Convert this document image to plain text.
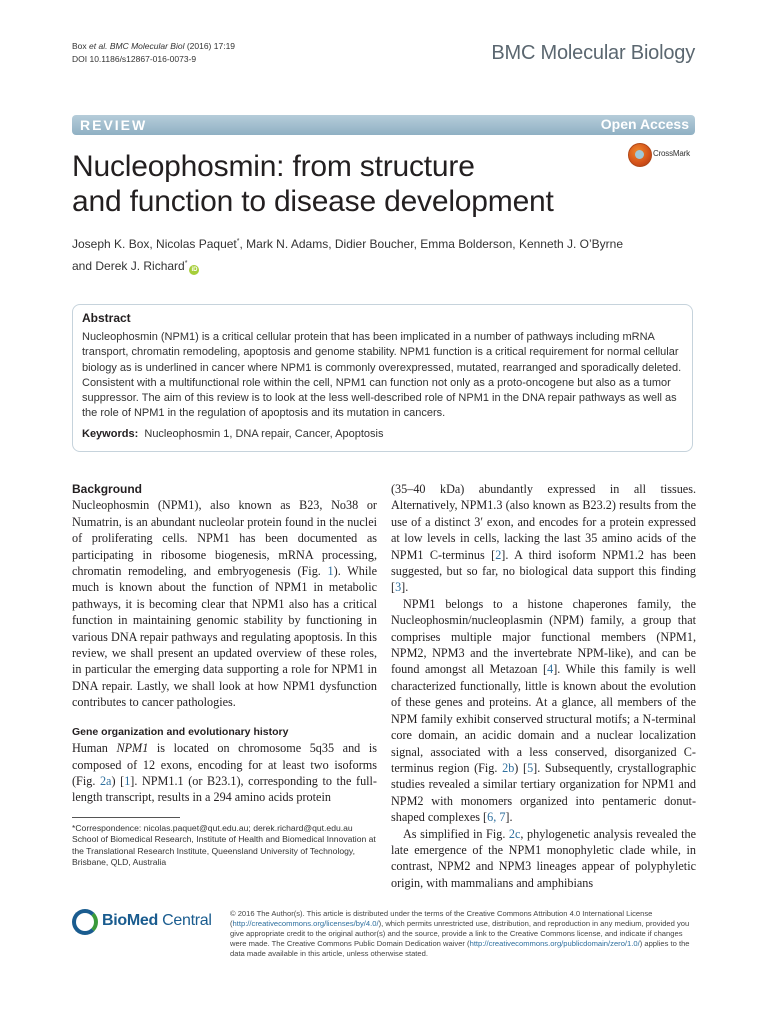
Box et al. BMC Molecular Biol (2016) 17:19
DOI 10.1186/s12867-016-0073-9	BMC Molecular Biology
REVIEW	Open Access
CrossMark
Nucleophosmin: from structure
and function to disease development
Joseph K. Box, Nicolas Paquet*, Mark N. Adams, Didier Boucher, Emma Bolderson, Kenneth J. O’Byrne
and Derek J. Richard*iD
Abstract
Nucleophosmin (NPM1) is a critical cellular protein that has been implicated in a number of pathways including mRNA transport, chromatin remodeling, apoptosis and genome stability. NPM1 function is a critical requirement for normal cellular biology as is underlined in cancer where NPM1 is commonly overexpressed, mutated, rearranged and sporadically deleted. Consistent with a multifunctional role within the cell, NPM1 can function not only as a proto-oncogene but also as a tumor suppressor. The aim of this review is to look at the less well-described role of NPM1 in the DNA repair pathways as well as the role of NPM1 in the regulation of apoptosis and its mutation in cancers.
Keywords: Nucleophosmin 1, DNA repair, Cancer, Apoptosis
Background

Nucleophosmin (NPM1), also known as B23, No38 or Numatrin, is an abundant nucleolar protein found in the nuclei of proliferating cells. NPM1 has been documented as participating in ribosome biogenesis, mRNA processing, chromatin remodeling, and embryogenesis (Fig. 1). While much is known about the function of NPM1 in metabolic pathways, it is becoming clear that NPM1 also has a critical function in maintaining genomic stability by functioning in various DNA repair pathways and regulating apoptosis. In this review, we shall present an updated overview of these roles, in particular the emerging data supporting a role for NPM1 in DNA repair. Lastly, we shall look at how NPM1 dysfunction contributes to cancer pathologies.

Gene organization and evolutionary history

Human NPM1 is located on chromosome 5q35 and is composed of 12 exons, encoding for at least two isoforms (Fig. 2a) [1]. NPM1.1 (or B23.1), corresponding to the full-length transcript, results in a 294 amino acids protein

(35–40 kDa) abundantly expressed in all tissues. Alternatively, NPM1.3 (also known as B23.2) results from the use of a distinct 3′ exon, and encodes for a protein expressed at low levels in cells, lacking the last 35 amino acids of the NPM1 C-terminus [2]. A third isoform NPM1.2 has been suggested, but so far, no biological data support this finding [3].

NPM1 belongs to a histone chaperones family, the Nucleophosmin/nucleoplasmin (NPM) family, a group that comprises multiple major functional members (NPM1, NPM2, NPM3 and the invertebrate NPM-like), and can be found amongst all Metazoan [4]. While this family is well characterized functionally, little is known about the evolution of these genes and proteins. At a glance, all members of the NPM family exhibit conserved structural motifs; a N-terminal core domain, an acidic domain and a nuclear localization signal, associated with a less conserved, disorganized C-terminus region (Fig. 2b) [5]. Subsequently, crystallographic studies revealed a similar tertiary organization for NPM1 and NPM2 with monomers organized into pentameric donut-shaped complexes [6, 7].

As simplified in Fig. 2c, phylogenetic analysis revealed the late emergence of the NPM1 monophyletic clade while, in contrast, NPM2 and NPM3 lineages appear of polyphyletic origin, with mammalians and amphibians

*Correspondence: nicolas.paquet@qut.edu.au; derek.richard@qut.edu.au
School of Biomedical Research, Institute of Health and Biomedical Innovation at the Translational Research Institute, Queensland University of Technology, Brisbane, QLD, Australia
BioMed Central © 2016 The Author(s). This article is distributed under the terms of the Creative Commons Attribution 4.0 International License (http://creativecommons.org/licenses/by/4.0/), which permits unrestricted use, distribution, and reproduction in any medium, provided you give appropriate credit to the original author(s) and the source, provide a link to the Creative Commons license, and indicate if changes were made. The Creative Commons Public Domain Dedication waiver (http://creativecommons.org/publicdomain/zero/1.0/) applies to the data made available in this article, unless otherwise stated.
